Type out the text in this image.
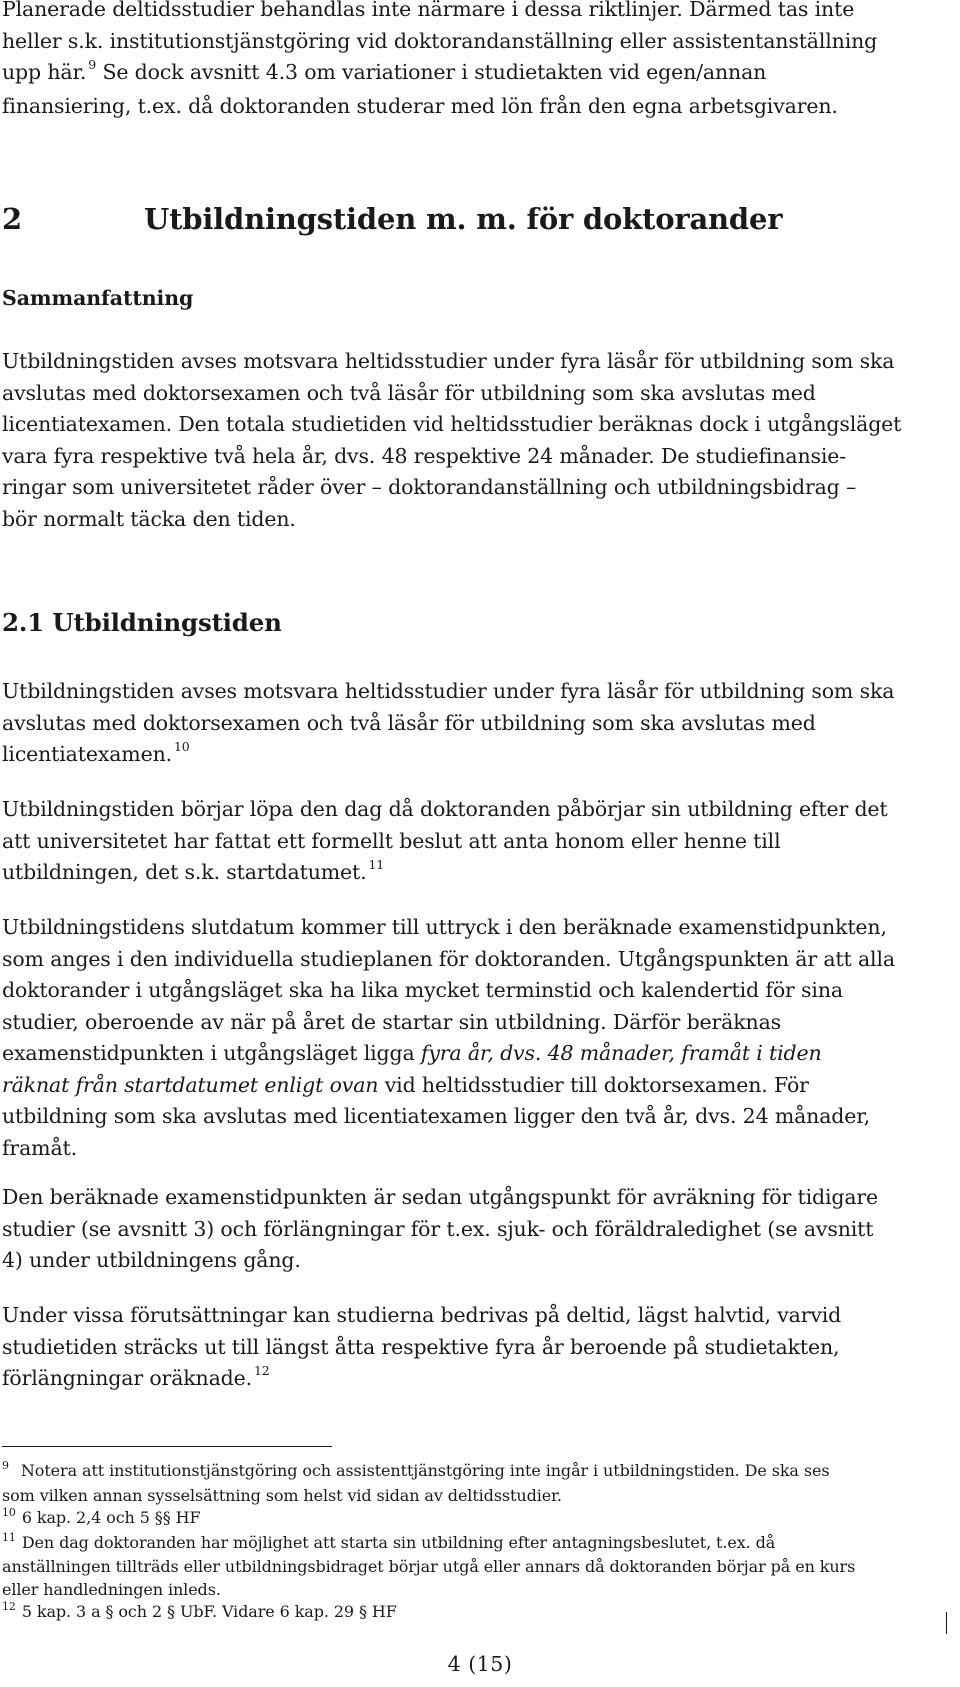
Planerade deltidsstudier behandlas inte närmare i dessa riktlinjer. Därmed tas inte
heller s.k. institutionstjänstgöring vid doktorandanställning eller assistentanställning
upp här. $^9$ Se dock avsnitt 4.3 om variationer i studietakten vid egen/annan
finansiering, t.ex. då doktoranden studerar med lön från den egna arbetsgivaren.
2	Utbildningstiden m. m. för doktorander
Sammanfattning
Utbildningstiden avses motsvara heltidsstudier under fyra läsår för utbildning som ska
avslutas med doktorsexamen och två läsår för utbildning som ska avslutas med
licentiatexamen. Den totala studietiden vid heltidsstudier beräknas dock i utgångsläget
vara fyra respektive två hela år, dvs. 48 respektive 24 månader. De studiefinansie-
ringar som universitetet råder över – doktorandanställning och utbildningsbidrag –
bör normalt täcka den tiden.
2.1 Utbildningstiden
Utbildningstiden avses motsvara heltidsstudier under fyra läsår för utbildning som ska
avslutas med doktorsexamen och två läsår för utbildning som ska avslutas med
licentiatexamen. $^{10}$
Utbildningstiden börjar löpa den dag då doktoranden påbörjar sin utbildning efter det
att universitetet har fattat ett formellt beslut att anta honom eller henne till
utbildningen, det s.k. startdatumet. $^{11}$
Utbildningstidens slutdatum kommer till uttryck i den beräknade examenstidpunkten,
som anges i den individuella studieplanen för doktoranden. Utgångspunkten är att alla
doktorander i utgångsläget ska ha lika mycket terminstid och kalendertid för sina
studier, oberoende av när på året de startar sin utbildning. Därför beräknas
examenstidpunkten i utgångsläget ligga fyra år, dvs. 48 månader, framåt i tiden
räknat från startdatumet enligt ovan vid heltidsstudier till doktorsexamen. För
utbildning som ska avslutas med licentiatexamen ligger den två år, dvs. 24 månader,
framåt.
Den beräknade examenstidpunkten är sedan utgångspunkt för avräkning för tidigare
studier (se avsnitt 3) och förlängningar för t.ex. sjuk- och föräldraledighet (se avsnitt
4) under utbildningens gång.
Under vissa förutsättningar kan studierna bedrivas på deltid, lägst halvtid, varvid
studietiden sträcks ut till längst åtta respektive fyra år beroende på studietakten,
förlängningar oräknade. $^{12}$
$^9$ Notera att institutionstjänstgöring och assistenttjänstgöring inte ingår i utbildningstiden. De ska ses
som vilken annan sysselsättning som helst vid sidan av deltidsstudier.
$^{10}$ 6 kap. 2,4 och 5 §§ HF
$^{11}$ Den dag doktoranden har möjlighet att starta sin utbildning efter antagningsbeslutet, t.ex. då
anställningen tillträds eller utbildningsbidraget börjar utgå eller annars då doktoranden börjar på en kurs
eller handledningen inleds.
$^{12}$ 5 kap. 3 a § och 2 § UbF. Vidare 6 kap. 29 § HF
4 (15)
